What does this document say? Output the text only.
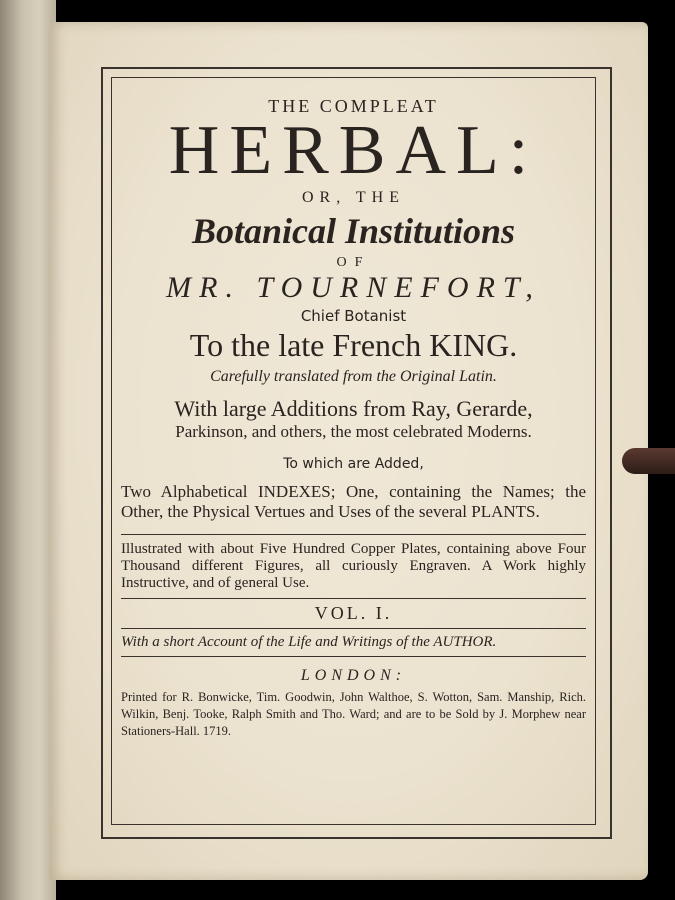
THE COMPLEAT
HERBAL:
OR, THE
Botanical Institutions
OF
MR. TOURNEFORT,
Chief Botanist
To the late French KING.
Carefully translated from the Original Latin.
With large Additions from Ray, Gerarde,
Parkinson, and others, the most celebrated Moderns.
To which are Added,
Two Alphabetical INDEXES; One, containing the Names; the Other, the Physical Vertues and Uses of the several PLANTS.
Illustrated with about Five Hundred Copper Plates, containing above Four Thousand different Figures, all curiously Engraven. A Work highly Instructive, and of general Use.
VOL. I.
With a short Account of the Life and Writings of the AUTHOR.
LONDON:
Printed for R. Bonwicke, Tim. Goodwin, John Walthoe, S. Wotton, Sam. Manship, Rich. Wilkin, Benj. Tooke, Ralph Smith and Tho. Ward; and are to be Sold by J. Morphew near Stationers-Hall. 1719.
